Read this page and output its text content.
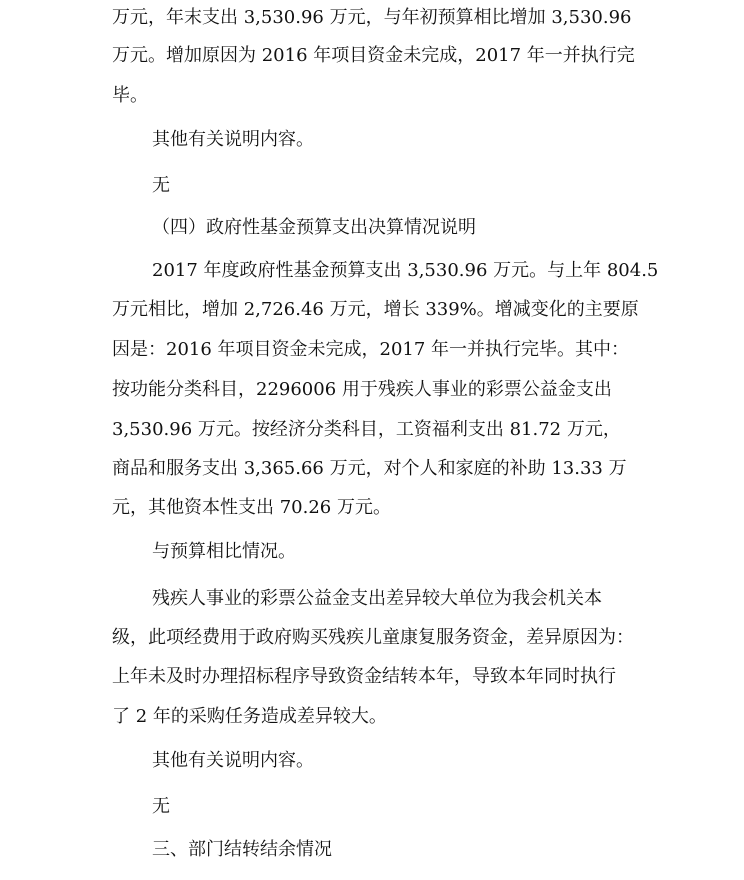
万元，年末支出 3,530.96 万元，与年初预算相比增加 3,530.96
万元。增加原因为 2016 年项目资金未完成，2017 年一并执行完
毕。
其他有关说明内容。
无
（四）政府性基金预算支出决算情况说明
2017 年度政府性基金预算支出 3,530.96 万元。与上年 804.5
万元相比，增加 2,726.46 万元，增长 339%。增减变化的主要原
因是：2016 年项目资金未完成，2017 年一并执行完毕。其中：
按功能分类科目，2296006 用于残疾人事业的彩票公益金支出
3,530.96 万元。按经济分类科目，工资福利支出 81.72 万元，
商品和服务支出 3,365.66 万元，对个人和家庭的补助 13.33 万
元，其他资本性支出 70.26 万元。
与预算相比情况。
残疾人事业的彩票公益金支出差异较大单位为我会机关本
级，此项经费用于政府购买残疾儿童康复服务资金，差异原因为：
上年未及时办理招标程序导致资金结转本年，导致本年同时执行
了 2 年的采购任务造成差异较大。
其他有关说明内容。
无
三、部门结转结余情况
